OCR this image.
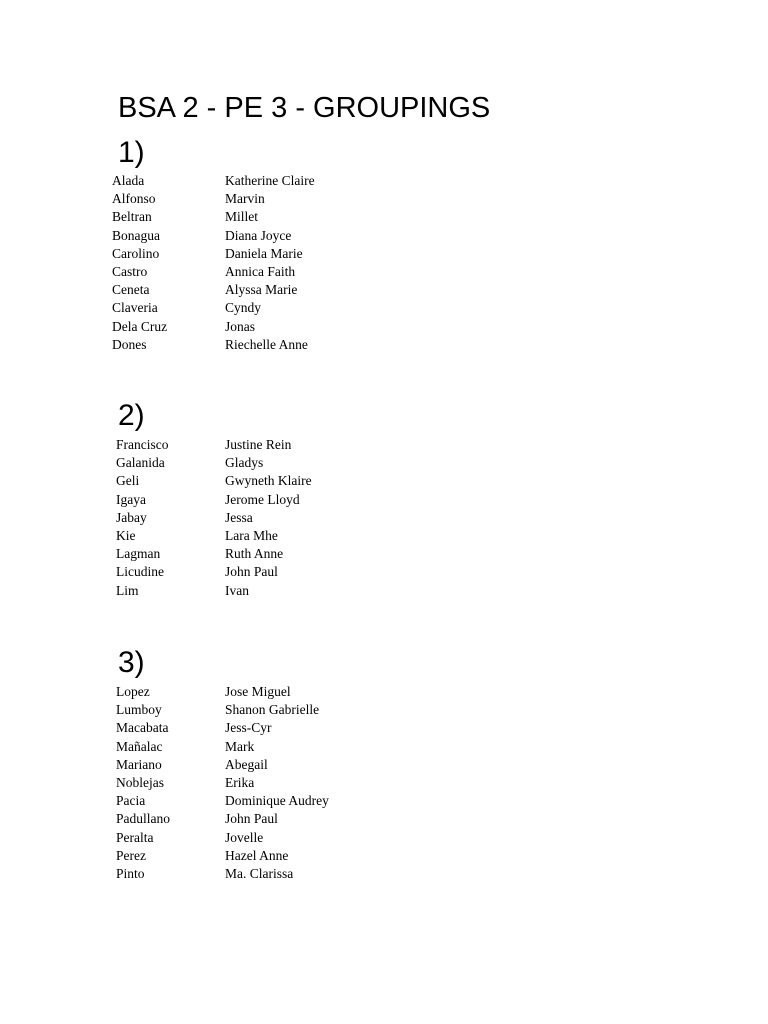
BSA 2 - PE 3 - GROUPINGS
1)
Alada	Katherine Claire
Alfonso	Marvin
Beltran	Millet
Bonagua	Diana Joyce
Carolino	Daniela Marie
Castro	Annica Faith
Ceneta	Alyssa Marie
Claveria	Cyndy
Dela Cruz	Jonas
Dones	Riechelle Anne
2)
Francisco	Justine Rein
Galanida	Gladys
Geli	Gwyneth Klaire
Igaya	Jerome Lloyd
Jabay	Jessa
Kie	Lara Mhe
Lagman	Ruth Anne
Licudine	John Paul
Lim	Ivan
3)
Lopez	Jose Miguel
Lumboy	Shanon Gabrielle
Macabata	Jess-Cyr
Mañalac	Mark
Mariano	Abegail
Noblejas	Erika
Pacia	Dominique Audrey
Padullano	John Paul
Peralta	Jovelle
Perez	Hazel Anne
Pinto	Ma. Clarissa
